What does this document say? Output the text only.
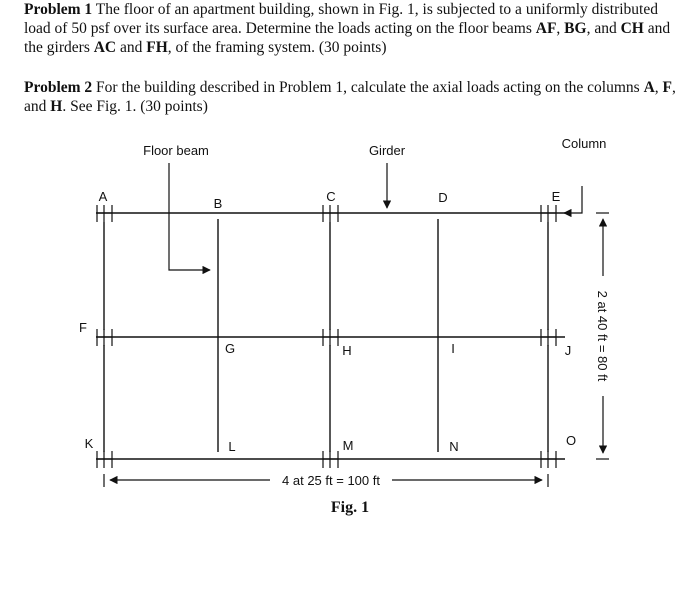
Problem 1 The floor of an apartment building, shown in Fig. 1, is subjected to a uniformly distributed load of 50 psf over its surface area. Determine the loads acting on the floor beams AF, BG, and CH and the girders AC and FH, of the framing system. (30 points)
Problem 2 For the building described in Problem 1, calculate the axial loads acting on the columns A, F, and H. See Fig. 1. (30 points)
Floor beam	Girder	Column
A	B	C	D	E
F
G	H	I	J
K	L	M	N	O
4 at 25 ft = 100 ft
2 at 40 ft = 80 ft
Fig. 1
